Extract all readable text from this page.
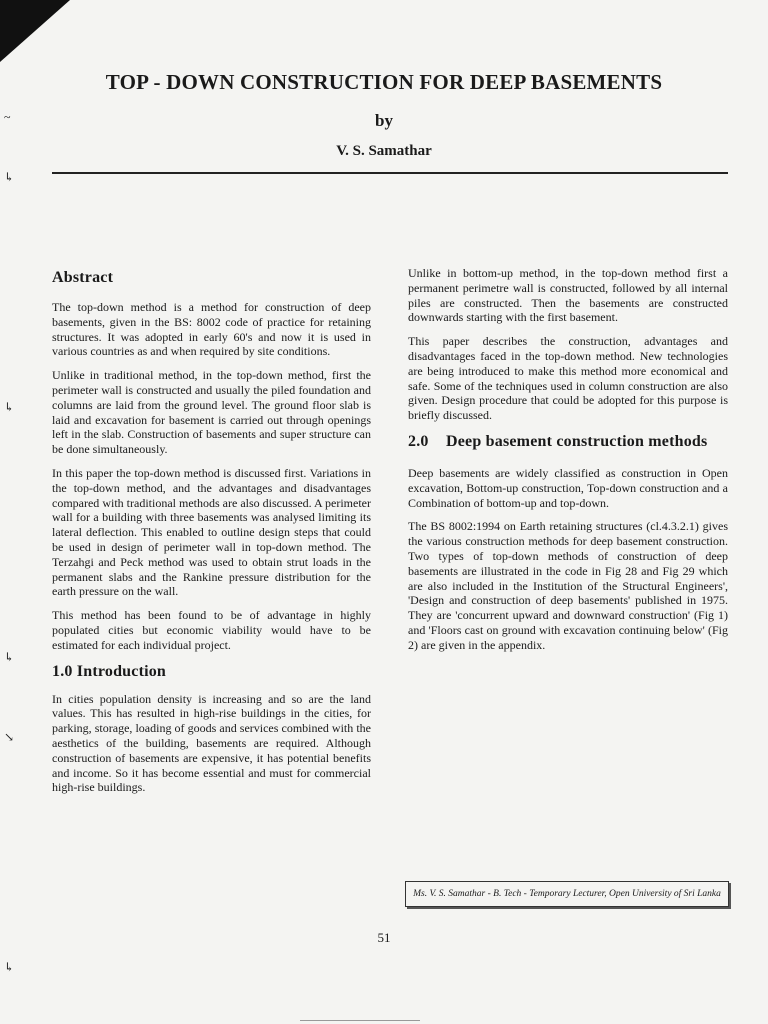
~
↳
↳
↳
↘
↳
TOP - DOWN CONSTRUCTION FOR DEEP BASEMENTS
by
V. S. Samathar
Abstract

The top-down method is a method for construction of deep basements, given in the BS: 8002 code of practice for retaining structures. It was adopted in early 60's and now it is used in various countries as and when required by site conditions.

Unlike in traditional method, in the top-down method, first the perimeter wall is constructed and usually the piled foundation and columns are laid from the ground level. The ground floor slab is laid and excavation for basement is carried out through openings left in the slab. Construction of basements and super structure can be done simultaneously.

In this paper the top-down method is discussed first. Variations in the top-down method, and the advantages and disadvantages compared with traditional methods are also discussed. A perimeter wall for a building with three basements was analysed limiting its lateral deflection. This enabled to outline design steps that could be used in design of perimeter wall in top-down method. The Terzahgi and Peck method was used to obtain strut loads in the permanent slabs and the Rankine pressure distribution for the earth pressure on the wall.

This method has been found to be of advantage in highly populated cities but economic viability would have to be estimated for each individual project.

1.0 Introduction

In cities population density is increasing and so are the land values. This has resulted in high-rise buildings in the cities, for parking, storage, loading of goods and services combined with the aesthetics of the building, basements are required. Although construction of basements are expensive, it has potential benefits and income. So it has become essential and must for commercial high-rise buildings.

Unlike in bottom-up method, in the top-down method first a permanent perimetre wall is constructed, followed by all internal piles are constructed. Then the basements are constructed downwards starting with the first basement.

This paper describes the construction, advantages and disadvantages faced in the top-down method. New technologies are being introduced to make this method more economical and safe. Some of the techniques used in column construction are also given. Design procedure that could be adopted for this purpose is briefly discussed.

2.0	Deep basement construction methods

Deep basements are widely classified as construction in Open excavation, Bottom-up construction, Top-down construction and a Combination of bottom-up and top-down.

The BS 8002:1994 on Earth retaining structures (cl.4.3.2.1) gives the various construction methods for deep basement construction. Two types of top-down methods of construction of deep basements are illustrated in the code in Fig 28 and Fig 29 which are also included in the Institution of the Structural Engineers', 'Design and construction of deep basements' published in 1975. They are 'concurrent upward and downward construction' (Fig 1) and 'Floors cast on ground with excavation continuing below' (Fig 2) are given in the appendix.

Ms. V. S. Samathar - B. Tech - Temporary Lecturer, Open University of Sri Lanka
51
